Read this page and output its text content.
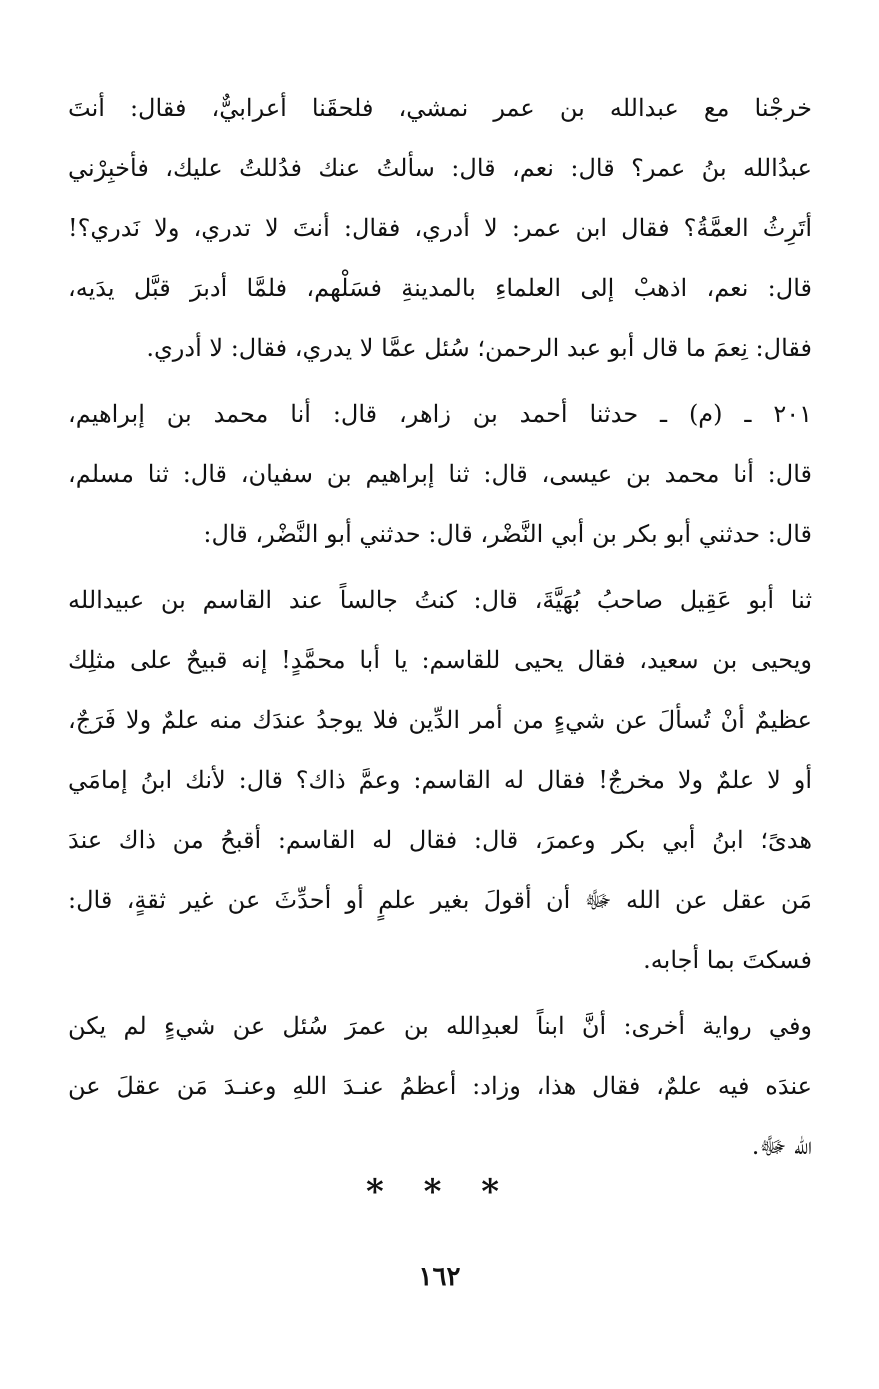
خرجْنا مع عبدالله بن عمر نمشي، فلحقَنا أعرابيٌّ، فقال: أنتَ
عبدُالله بنُ عمر؟ قال: نعم، قال: سألتُ عنك فدُللتُ عليك، فأخبِرْني
أتَرِثُ العمَّةُ؟ فقال ابن عمر: لا أدري، فقال: أنتَ لا تدري، ولا نَدري؟!
قال: نعم، اذهبْ إلى العلماءِ بالمدينةِ فسَلْهم، فلمَّا أدبرَ قبَّل يدَيه،
فقال: نِعمَ ما قال أبو عبد الرحمن؛ سُئل عمَّا لا يدري، فقال: لا أدري.
٢٠١ ـ (م) ـ حدثنا أحمد بن زاهر، قال: أنا محمد بن إبراهيم،
قال: أنا محمد بن عيسى، قال: ثنا إبراهيم بن سفيان، قال: ثنا مسلم،
قال: حدثني أبو بكر بن أبي النَّضْر، قال: حدثني أبو النَّضْر، قال:
ثنا أبو عَقِيل صاحبُ بُهَيَّةَ، قال: كنتُ جالساً عند القاسم بن عبيدالله
ويحيى بن سعيد، فقال يحيى للقاسم: يا أبا محمَّدٍ! إنه قبيحٌ على مثلِك
عظيمٌ أنْ تُسألَ عن شيءٍ من أمر الدِّين فلا يوجدُ عندَك منه علمٌ ولا فَرَجٌ،
أو لا علمٌ ولا مخرجٌ! فقال له القاسم: وعمَّ ذاك؟ قال: لأنك ابنُ إمامَي
هدىً؛ ابنُ أبي بكر وعمرَ، قال: فقال له القاسم: أقبحُ من ذاك عندَ
مَن عقل عن الله ﷻ أن أقولَ بغير علمٍ أو أحدِّثَ عن غير ثقةٍ، قال:
فسكتَ بما أجابه.
وفي رواية أخرى: أنَّ ابناً لعبدِالله بن عمرَ سُئل عن شيءٍ لم يكن
عندَه فيه علمٌ، فقال هذا، وزاد: أعظمُ عنـدَ اللهِ وعنـدَ مَن عقلَ عن
الله ﷻ.
* * *
١٦٢
